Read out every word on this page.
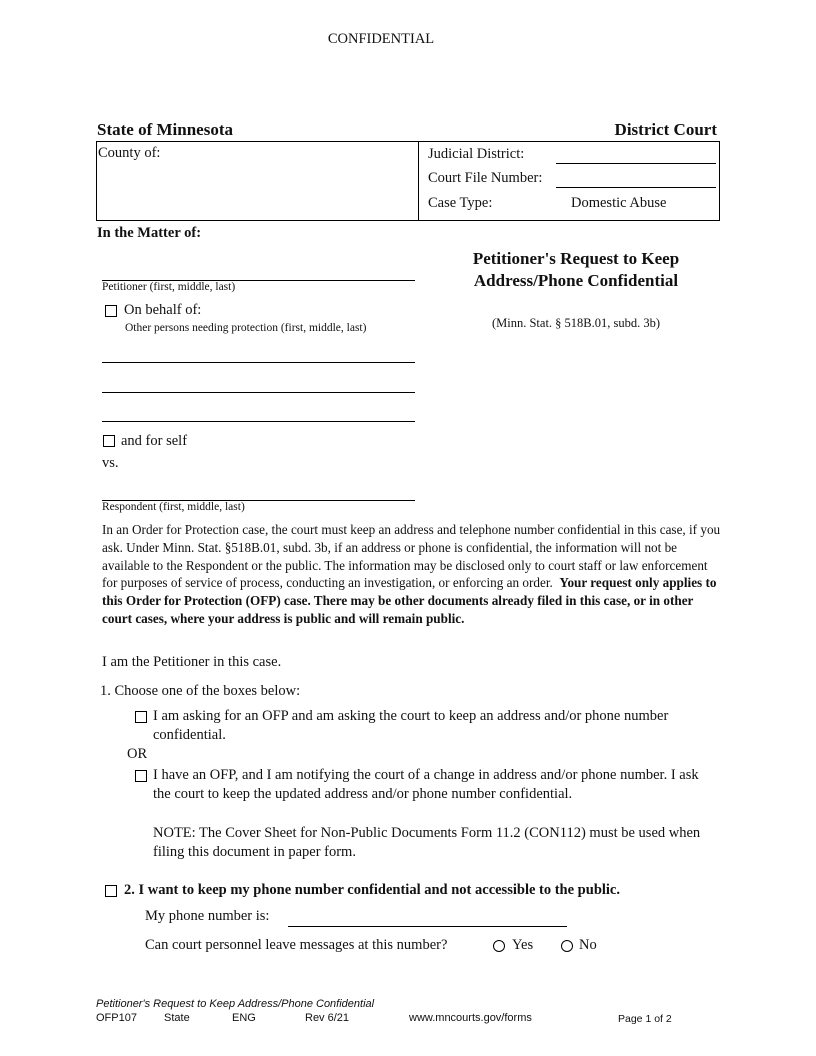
CONFIDENTIAL
State of Minnesota	District Court
County of:	Judicial District:
Court File Number:
Case Type:	Domestic Abuse
In the Matter of:
Petitioner (first, middle, last)
On behalf of:
Other persons needing protection (first, middle, last)
and for self
vs.
Respondent (first, middle, last)
Petitioner's Request to Keep
Address/Phone Confidential
(Minn. Stat. § 518B.01, subd. 3b)
In an Order for Protection case, the court must keep an address and telephone number confidential in this case, if you ask. Under Minn. Stat. §518B.01, subd. 3b, if an address or phone is confidential, the information will not be available to the Respondent or the public. The information may be disclosed only to court staff or law enforcement for purposes of service of process, conducting an investigation, or enforcing an order. Your request only applies to this Order for Protection (OFP) case. There may be other documents already filed in this case, or in other court cases, where your address is public and will remain public.
I am the Petitioner in this case.
1. Choose one of the boxes below:
I am asking for an OFP and am asking the court to keep an address and/or phone number confidential.
OR
I have an OFP, and I am notifying the court of a change in address and/or phone number. I ask the court to keep the updated address and/or phone number confidential.
NOTE: The Cover Sheet for Non-Public Documents Form 11.2 (CON112) must be used when filing this document in paper form.
2. I want to keep my phone number confidential and not accessible to the public.
My phone number is:
Can court personnel leave messages at this number?	Yes	No
Petitioner's Request to Keep Address/Phone Confidential
OFP107 State	ENG	Rev 6/21	www.mncourts.gov/forms	Page 1 of 2
